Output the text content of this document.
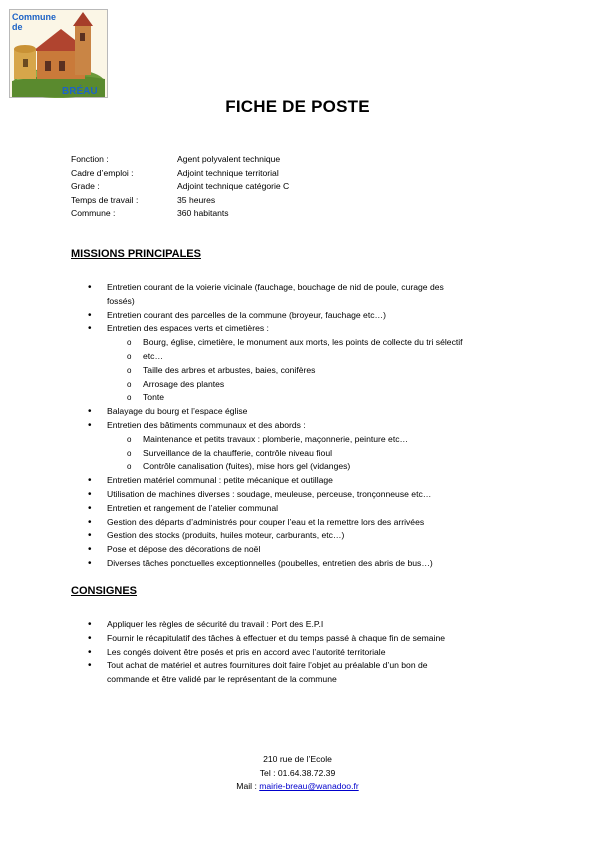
Commune
de
BRÉAU
FICHE DE POSTE
Fonction :	Agent polyvalent technique
Cadre d’emploi :	Adjoint technique territorial
Grade :	Adjoint technique catégorie C
Temps de travail :	35 heures
Commune :	360 habitants
MISSIONS PRINCIPALES
• Entretien courant de la voierie vicinale (fauchage, bouchage de nid de poule, curage des
fossés)
• Entretien courant des parcelles de la commune (broyeur, fauchage etc…)
• Entretien des espaces verts et cimetières :
o Bourg, église, cimetière, le monument aux morts, les points de collecte du tri sélectif
o etc…
o Taille des arbres et arbustes, baies, conifères
o Arrosage des plantes
o Tonte
• Balayage du bourg et l’espace église
• Entretien des bâtiments communaux et des abords :
o Maintenance et petits travaux : plomberie, maçonnerie, peinture etc…
o Surveillance de la chaufferie, contrôle niveau fioul
o Contrôle canalisation (fuites), mise hors gel (vidanges)
• Entretien matériel communal : petite mécanique et outillage
• Utilisation de machines diverses : soudage, meuleuse, perceuse, tronçonneuse etc…
• Entretien et rangement de l’atelier communal
• Gestion des départs d’administrés pour couper l’eau et la remettre lors des arrivées
• Gestion des stocks (produits, huiles moteur, carburants, etc…)
• Pose et dépose des décorations de noël
• Diverses tâches ponctuelles exceptionnelles (poubelles, entretien des abris de bus…)
CONSIGNES
• Appliquer les règles de sécurité du travail : Port des E.P.I
• Fournir le récapitulatif des tâches à effectuer et du temps passé à chaque fin de semaine
• Les congés doivent être posés et pris en accord avec l’autorité territoriale
• Tout achat de matériel et autres fournitures doit faire l’objet au préalable d’un bon de
commande et être validé par le représentant de la commune
210 rue de l’Ecole
Tel : 01.64.38.72.39
Mail : mairie-breau@wanadoo.fr
